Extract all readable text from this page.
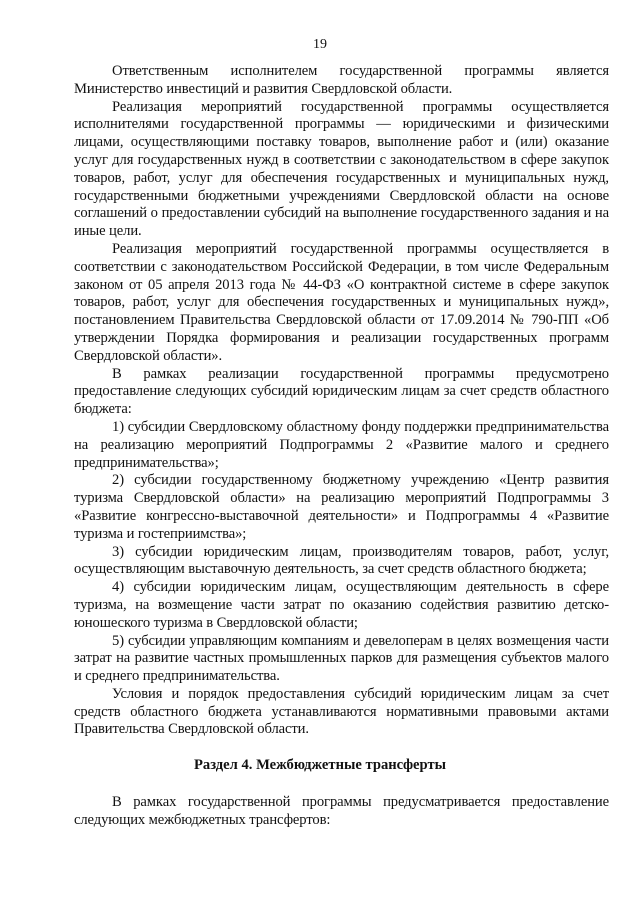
19

Ответственным исполнителем государственной программы является Министерство инвестиций и развития Свердловской области.

Реализация мероприятий государственной программы осуществляется исполнителями государственной программы — юридическими и физическими лицами, осуществляющими поставку товаров, выполнение работ и (или) оказание услуг для государственных нужд в соответствии с законодательством в сфере закупок товаров, работ, услуг для обеспечения государственных и муниципальных нужд, государственными бюджетными учреждениями Свердловской области на основе соглашений о предоставлении субсидий на выполнение государственного задания и на иные цели.

Реализация мероприятий государственной программы осуществляется в соответствии с законодательством Российской Федерации, в том числе Федеральным законом от 05 апреля 2013 года № 44-ФЗ «О контрактной системе в сфере закупок товаров, работ, услуг для обеспечения государственных и муниципальных нужд», постановлением Правительства Свердловской области от 17.09.2014 № 790-ПП «Об утверждении Порядка формирования и реализации государственных программ Свердловской области».

В рамках реализации государственной программы предусмотрено предоставление следующих субсидий юридическим лицам за счет средств областного бюджета:

1) субсидии Свердловскому областному фонду поддержки предпринимательства на реализацию мероприятий Подпрограммы 2 «Развитие малого и среднего предпринимательства»;

2) субсидии государственному бюджетному учреждению «Центр развития туризма Свердловской области» на реализацию мероприятий Подпрограммы 3 «Развитие конгрессно-выставочной деятельности» и Подпрограммы 4 «Развитие туризма и гостеприимства»;

3) субсидии юридическим лицам, производителям товаров, работ, услуг, осуществляющим выставочную деятельность, за счет средств областного бюджета;

4) субсидии юридическим лицам, осуществляющим деятельность в сфере туризма, на возмещение части затрат по оказанию содействия развитию детско-юношеского туризма в Свердловской области;

5) субсидии управляющим компаниям и девелоперам в целях возмещения части затрат на развитие частных промышленных парков для размещения субъектов малого и среднего предпринимательства.

Условия и порядок предоставления субсидий юридическим лицам за счет средств областного бюджета устанавливаются нормативными правовыми актами Правительства Свердловской области.

Раздел 4. Межбюджетные трансферты

В рамках государственной программы предусматривается предоставление следующих межбюджетных трансфертов:
